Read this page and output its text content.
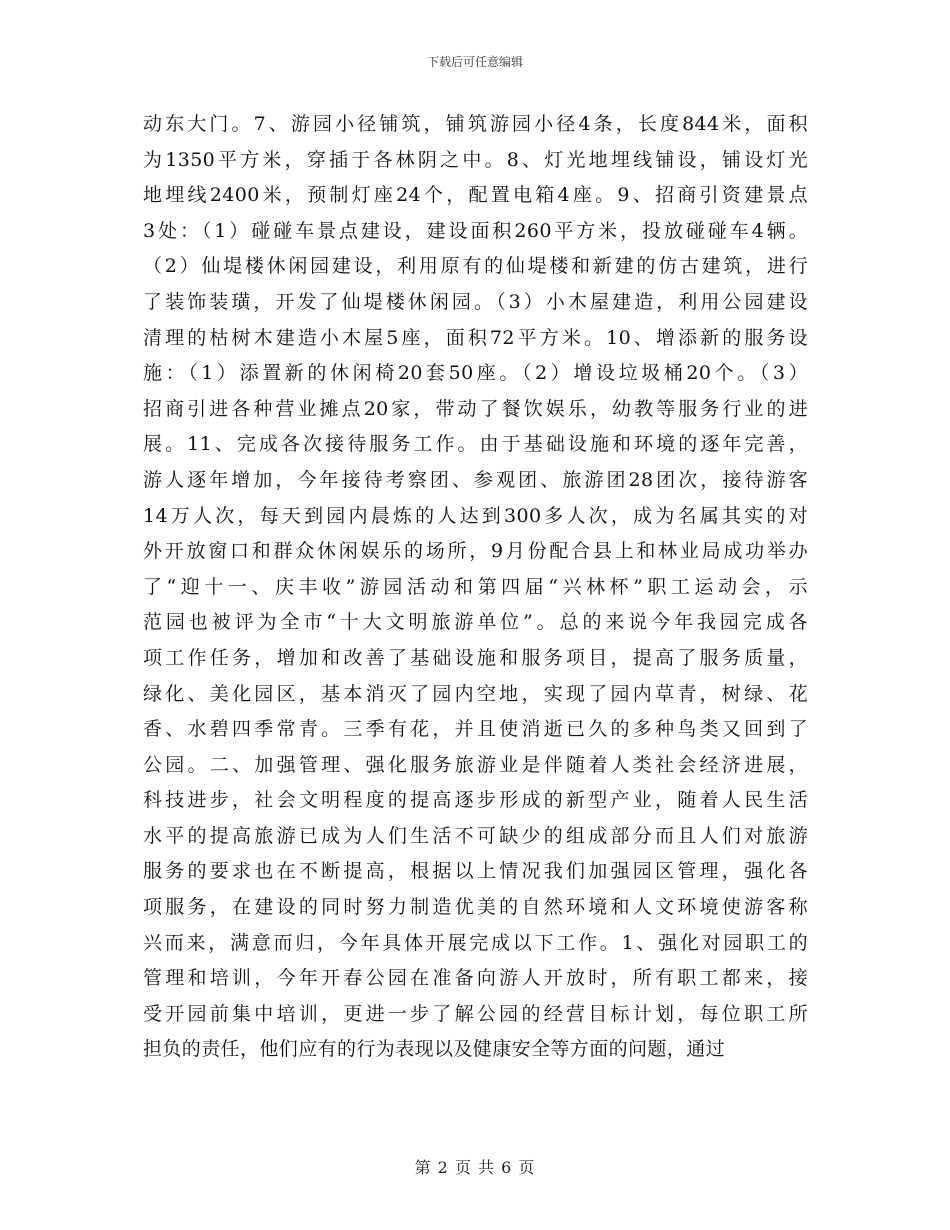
下载后可任意编辑
动东大门。7、游园小径铺筑，铺筑游园小径4条，长度844米，面积
为1350平方米，穿插于各林阴之中。8、灯光地埋线铺设，铺设灯光
地埋线2400米，预制灯座24个，配置电箱4座。9、招商引资建景点
3处：（1）碰碰车景点建设，建设面积260平方米，投放碰碰车4辆。
（2）仙堤楼休闲园建设，利用原有的仙堤楼和新建的仿古建筑，进行
了装饰装璜，开发了仙堤楼休闲园。（3）小木屋建造，利用公园建设
清理的枯树木建造小木屋5座，面积72平方米。10、增添新的服务设
施：（1）添置新的休闲椅20套50座。（2）增设垃圾桶20个。（3）
招商引进各种营业摊点20家，带动了餐饮娱乐，幼教等服务行业的进
展。11、完成各次接待服务工作。由于基础设施和环境的逐年完善，
游人逐年增加，今年接待考察团、参观团、旅游团28团次，接待游客
14万人次，每天到园内晨炼的人达到300多人次，成为名属其实的对
外开放窗口和群众休闲娱乐的场所，9月份配合县上和林业局成功举办
了“迎十一、庆丰收”游园活动和第四届“兴林杯”职工运动会，示
范园也被评为全市“十大文明旅游单位”。总的来说今年我园完成各
项工作任务，增加和改善了基础设施和服务项目，提高了服务质量，
绿化、美化园区，基本消灭了园内空地，实现了园内草青，树绿、花
香、水碧四季常青。三季有花，并且使消逝已久的多种鸟类又回到了
公园。二、加强管理、强化服务旅游业是伴随着人类社会经济进展，
科技进步，社会文明程度的提高逐步形成的新型产业，随着人民生活
水平的提高旅游已成为人们生活不可缺少的组成部分而且人们对旅游
服务的要求也在不断提高，根据以上情况我们加强园区管理，强化各
项服务，在建设的同时努力制造优美的自然环境和人文环境使游客称
兴而来，满意而归，今年具体开展完成以下工作。1、强化对园职工的
管理和培训，今年开春公园在准备向游人开放时，所有职工都来，接
受开园前集中培训，更进一步了解公园的经营目标计划，每位职工所
担负的责任，他们应有的行为表现以及健康安全等方面的问题，通过
第 2 页 共 6 页
